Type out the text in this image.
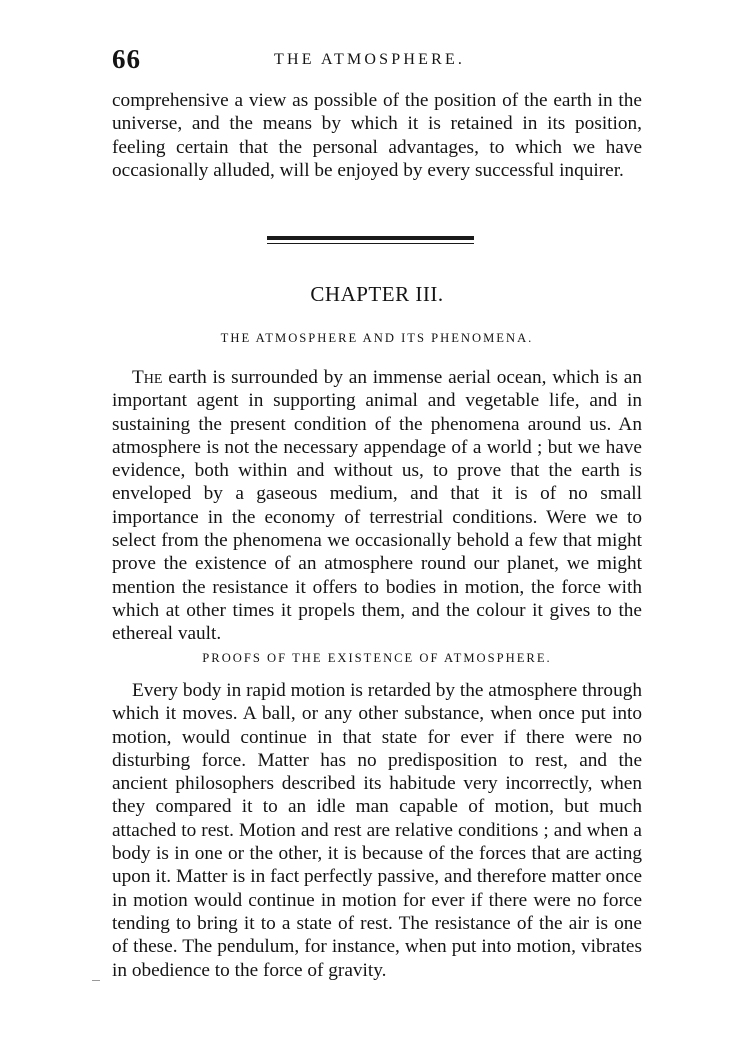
66	THE ATMOSPHERE.

comprehensive a view as possible of the position of the earth in the universe, and the means by which it is retained in its position, feeling certain that the personal advantages, to which we have occasionally alluded, will be enjoyed by every successful inquirer.

CHAPTER III.
THE ATMOSPHERE AND ITS PHENOMENA.

The earth is surrounded by an immense aerial ocean, which is an important agent in supporting animal and vegetable life, and in sustaining the present condition of the phenomena around us. An atmosphere is not the necessary appendage of a world ; but we have evidence, both within and without us, to prove that the earth is enveloped by a gaseous medium, and that it is of no small importance in the economy of terrestrial conditions. Were we to select from the phenomena we occasionally behold a few that might prove the existence of an atmosphere round our planet, we might mention the resistance it offers to bodies in motion, the force with which at other times it propels them, and the colour it gives to the ethereal vault.

PROOFS OF THE EXISTENCE OF ATMOSPHERE.

Every body in rapid motion is retarded by the atmosphere through which it moves. A ball, or any other substance, when once put into motion, would continue in that state for ever if there were no disturbing force. Matter has no predisposition to rest, and the ancient philosophers described its habitude very incorrectly, when they compared it to an idle man capable of motion, but much attached to rest. Motion and rest are relative conditions ; and when a body is in one or the other, it is because of the forces that are acting upon it. Matter is in fact perfectly passive, and therefore matter once in motion would continue in motion for ever if there were no force tending to bring it to a state of rest. The resistance of the air is one of these. The pendulum, for instance, when put into motion, vibrates in obedience to the force of gravity.
